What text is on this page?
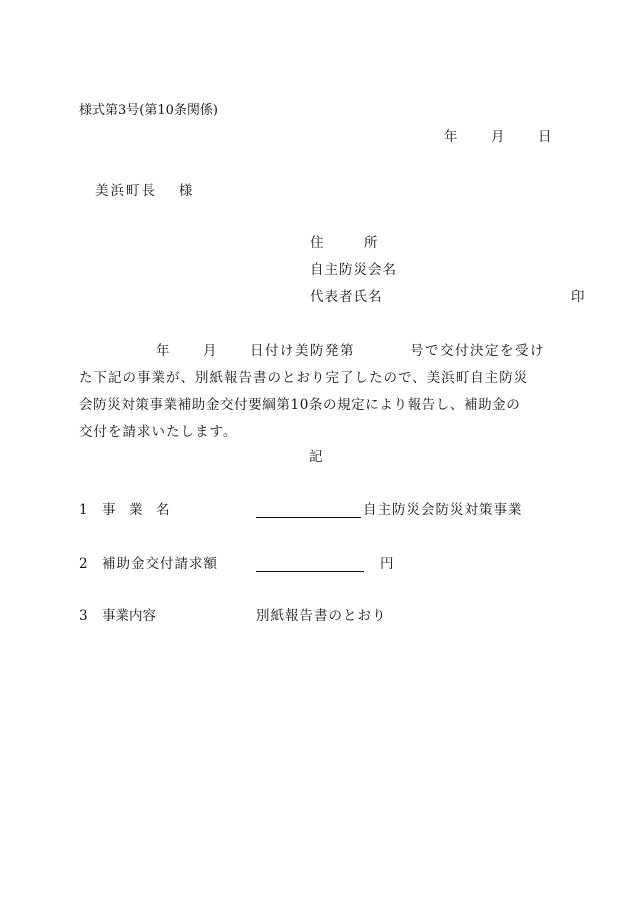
様式第3号(第10条関係)
年 月 日
美浜町長　 様
住　　　所
自主防災会名
代表者氏名	印
年 月 日付け美防発第	号で交付決定を受け
た下記の事業が、別紙報告書のとおり完了したので、美浜町自主防災
会防災対策事業補助金交付要綱第10条の規定により報告し、補助金の
交付を請求いたします。
記
1 事　業　名	自主防災会防災対策事業
2 補助金交付請求額	円
3 事業内容	別紙報告書のとおり
